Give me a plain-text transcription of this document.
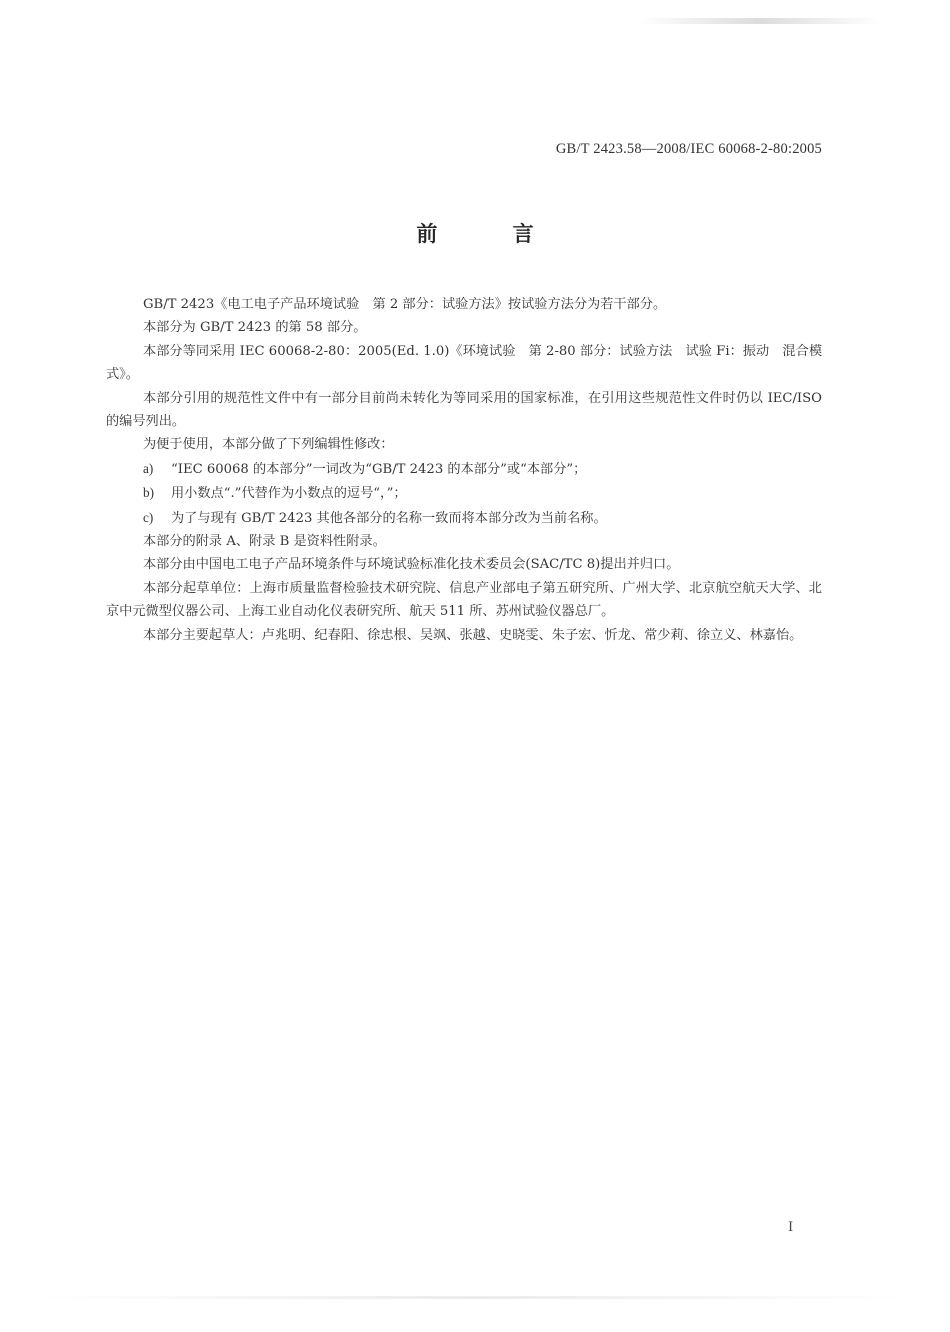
GB/T 2423.58—2008/IEC 60068-2-80:2005
前 言

GB/T 2423《电工电子产品环境试验　第 2 部分：试验方法》按试验方法分为若干部分。

本部分为 GB/T 2423 的第 58 部分。

本部分等同采用 IEC 60068-2-80：2005(Ed. 1.0)《环境试验　第 2-80 部分：试验方法　试验 Fi：振动　混合模式》。

本部分引用的规范性文件中有一部分目前尚未转化为等同采用的国家标准，在引用这些规范性文件时仍以 IEC/ISO 的编号列出。

为便于使用，本部分做了下列编辑性修改：

a) “IEC 60068 的本部分”一词改为“GB/T 2423 的本部分”或“本部分”；

b) 用小数点“.”代替作为小数点的逗号“，”；

c) 为了与现有 GB/T 2423 其他各部分的名称一致而将本部分改为当前名称。

本部分的附录 A、附录 B 是资料性附录。

本部分由中国电工电子产品环境条件与环境试验标准化技术委员会(SAC/TC 8)提出并归口。

本部分起草单位：上海市质量监督检验技术研究院、信息产业部电子第五研究所、广州大学、北京航空航天大学、北京中元微型仪器公司、上海工业自动化仪表研究所、航天 511 所、苏州试验仪器总厂。

本部分主要起草人：卢兆明、纪春阳、徐忠根、吴飒、张越、史晓雯、朱子宏、忻龙、常少莉、徐立义、林嘉怡。

I
